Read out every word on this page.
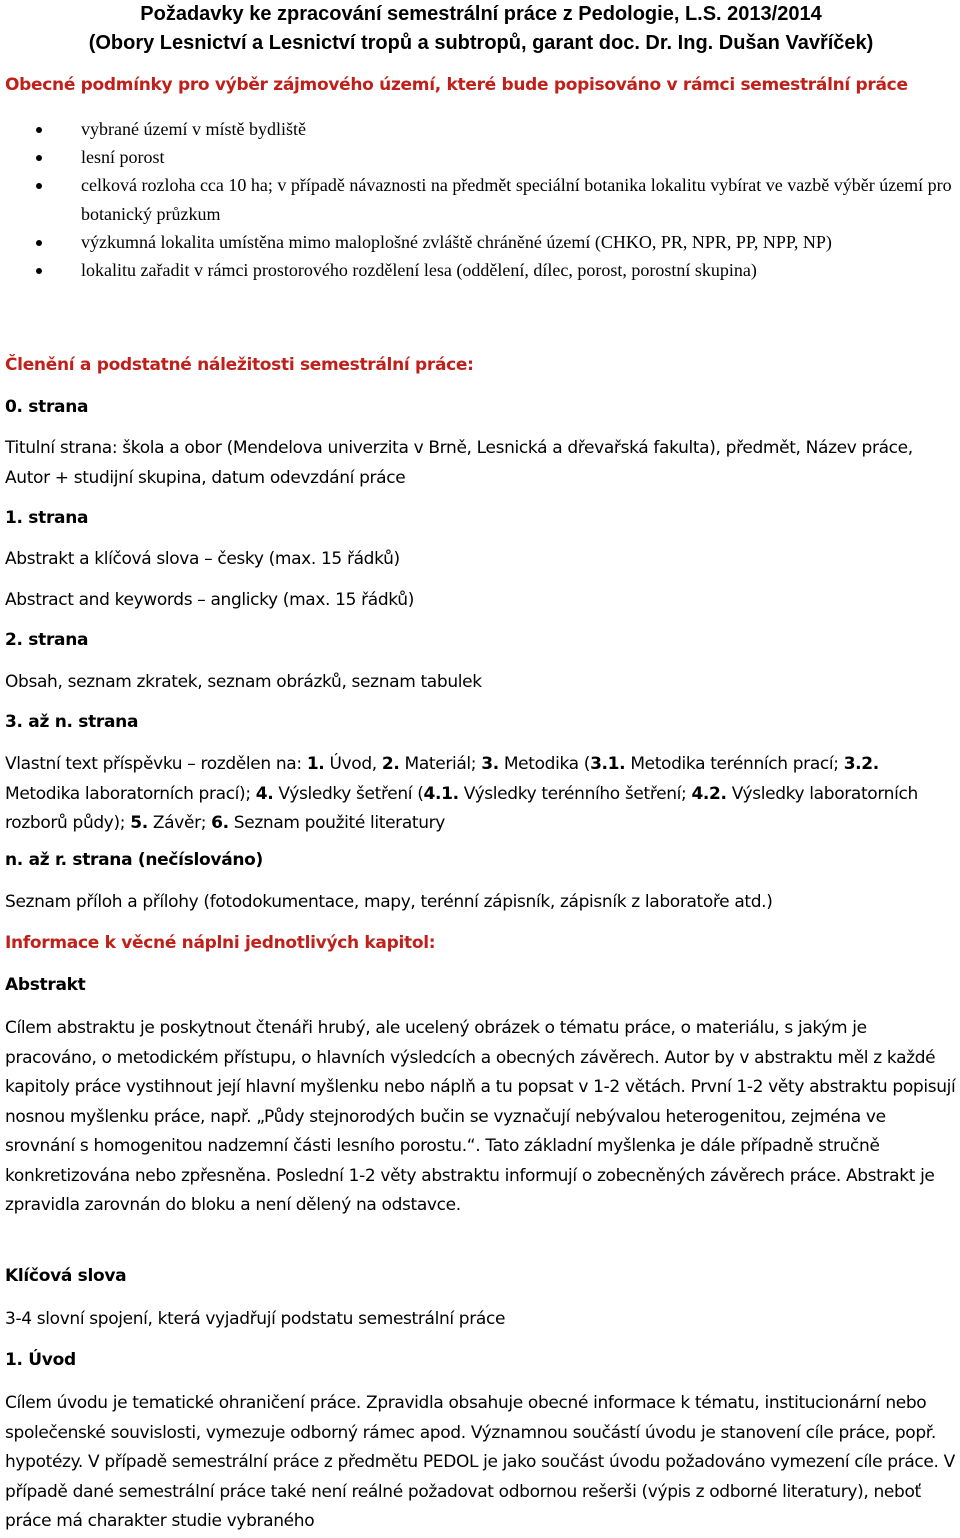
Požadavky ke zpracování semestrální práce z Pedologie, L.S. 2013/2014
(Obory Lesnictví a Lesnictví tropů a subtropů, garant doc. Dr. Ing. Dušan Vavříček)
Obecné podmínky pro výběr zájmového území, které bude popisováno v rámci semestrální práce
vybrané území v místě bydliště
lesní porost
celková rozloha cca 10 ha; v případě návaznosti na předmět speciální botanika lokalitu vybírat ve vazbě výběr území pro botanický průzkum
výzkumná lokalita umístěna mimo maloplošné zvláště chráněné území (CHKO, PR, NPR, PP, NPP, NP)
lokalitu zařadit v rámci prostorového rozdělení lesa (oddělení, dílec, porost, porostní skupina)
Členění a podstatné náležitosti semestrální práce:
0. strana
Titulní strana: škola a obor (Mendelova univerzita v Brně, Lesnická a dřevařská fakulta), předmět, Název práce, Autor + studijní skupina, datum odevzdání práce
1. strana
Abstrakt a klíčová slova – česky (max. 15 řádků)
Abstract and keywords – anglicky (max. 15 řádků)
2. strana
Obsah, seznam zkratek, seznam obrázků, seznam tabulek
3. až n. strana
Vlastní text příspěvku – rozdělen na: 1. Úvod, 2. Materiál; 3. Metodika (3.1. Metodika terénních prací; 3.2. Metodika laboratorních prací); 4. Výsledky šetření (4.1. Výsledky terénního šetření; 4.2. Výsledky laboratorních rozborů půdy); 5. Závěr; 6. Seznam použité literatury
n. až r. strana (nečíslováno)
Seznam příloh a přílohy (fotodokumentace, mapy, terénní zápisník, zápisník z laboratoře atd.)
Informace k věcné náplni jednotlivých kapitol:
Abstrakt
Cílem abstraktu je poskytnout čtenáři hrubý, ale ucelený obrázek o tématu práce, o materiálu, s jakým je pracováno, o metodickém přístupu, o hlavních výsledcích a obecných závěrech. Autor by v abstraktu měl z každé kapitoly práce vystihnout její hlavní myšlenku nebo náplň a tu popsat v 1-2 větách. První 1-2 věty abstraktu popisují nosnou myšlenku práce, např. „Půdy stejnorodých bučin se vyznačují nebývalou heterogenitou, zejména ve srovnání s homogenitou nadzemní části lesního porostu.“. Tato základní myšlenka je dále případně stručně konkretizována nebo zpřesněna. Poslední 1-2 věty abstraktu informují o zobecněných závěrech práce. Abstrakt je zpravidla zarovnán do bloku a není dělený na odstavce.
Klíčová slova
3-4 slovní spojení, která vyjadřují podstatu semestrální práce
1. Úvod
Cílem úvodu je tematické ohraničení práce. Zpravidla obsahuje obecné informace k tématu, institucionární nebo společenské souvislosti, vymezuje odborný rámec apod. Významnou součástí úvodu je stanovení cíle práce, popř. hypotézy. V případě semestrální práce z předmětu PEDOL je jako součást úvodu požadováno vymezení cíle práce. V případě dané semestrální práce také není reálné požadovat odbornou rešerši (výpis z odborné literatury), neboť práce má charakter studie vybraného
